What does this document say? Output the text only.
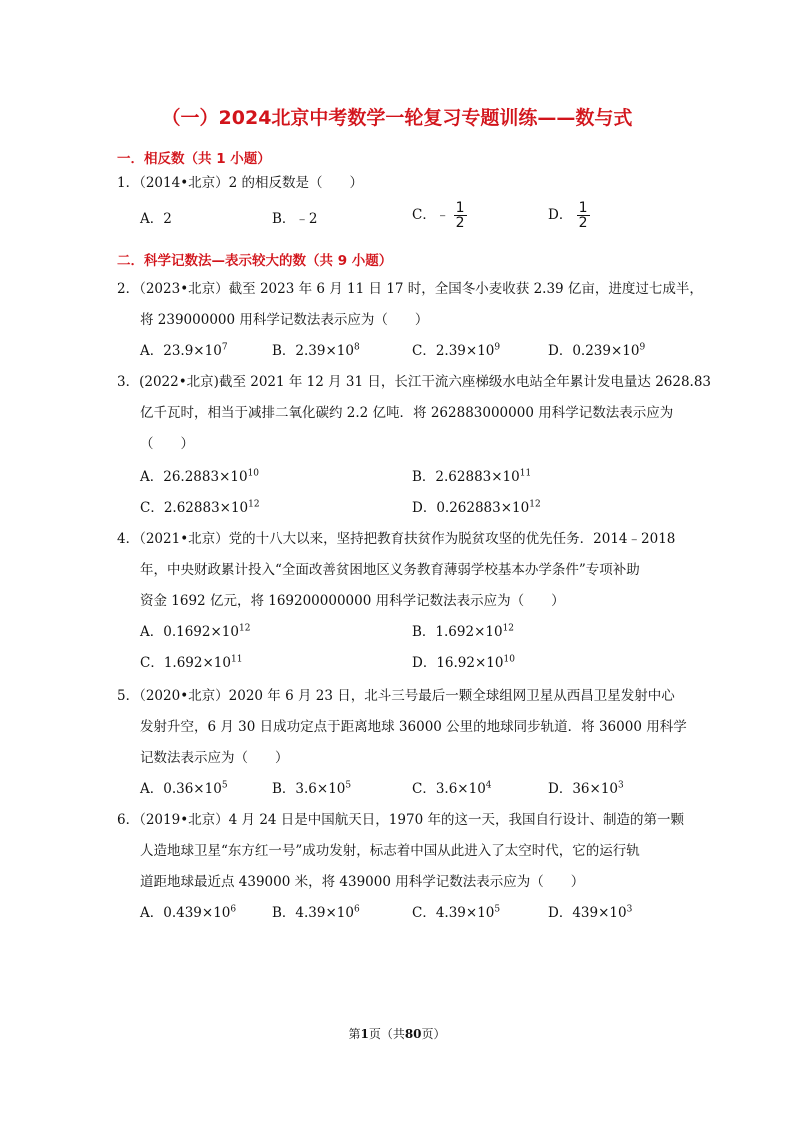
（一）2024北京中考数学一轮复习专题训练——数与式
一．相反数（共 1 小题）
1．（2014•北京）2 的相反数是（　　）
A．2	B．﹣2	C．﹣ $\frac{1}{2}$	D． $\frac{1}{2}$
二．科学记数法—表示较大的数（共 9 小题）
2．（2023•北京）截至 2023 年 6 月 11 日 17 时，全国冬小麦收获 2.39 亿亩，进度过七成半，
将 239000000 用科学记数法表示应为（　　）
A．$23.9\times 10^7$	B．$2.39\times 10^8$	C．$2.39\times 10^9$	D．$0.239\times 10^9$
3．(2022•北京)截至 2021 年 12 月 31 日，长江干流六座梯级水电站全年累计发电量达 2628.83
亿千瓦时，相当于减排二氧化碳约 2.2 亿吨．将 262883000000 用科学记数法表示应为
（　　）
A．$26.2883\times 10^{10}$	B．$2.62883\times 10^{11}$
C．$2.62883\times 10^{12}$	D．$0.262883\times 10^{12}$
4．（2021•北京）党的十八大以来，坚持把教育扶贫作为脱贫攻坚的优先任务．2014﹣2018
年，中央财政累计投入“全面改善贫困地区义务教育薄弱学校基本办学条件”专项补助
资金 1692 亿元，将 169200000000 用科学记数法表示应为（　　）
A．$0.1692\times 10^{12}$	B．$1.692\times 10^{12}$
C．$1.692\times 10^{11}$	D．$16.92\times 10^{10}$
5．（2020•北京）2020 年 6 月 23 日，北斗三号最后一颗全球组网卫星从西昌卫星发射中心
发射升空，6 月 30 日成功定点于距离地球 36000 公里的地球同步轨道．将 36000 用科学
记数法表示应为（　　）
A．$0.36\times 10^5$	B．$3.6\times 10^5$	C．$3.6\times 10^4$	D．$36\times 10^3$
6．（2019•北京）4 月 24 日是中国航天日，1970 年的这一天，我国自行设计、制造的第一颗
人造地球卫星“东方红一号”成功发射，标志着中国从此进入了太空时代，它的运行轨
道距地球最近点 439000 米，将 439000 用科学记数法表示应为（　　）
A．$0.439\times 10^6$	B．$4.39\times 10^6$	C．$4.39\times 10^5$	D．$439\times 10^3$
第1页（共80页）
